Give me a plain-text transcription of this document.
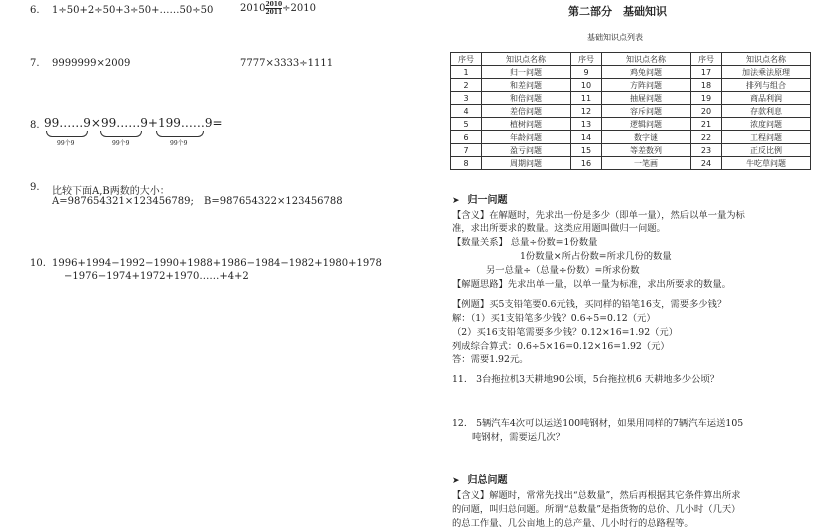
6. 1÷50+2÷50+3÷50+……50÷50	$2010 \frac{2010}{2011} \div 2010$
7. 9999999×2009	7777×3333÷1111
8. 99……9×99……9+199……9=
99个9	99个9	99个9
9. 比较下面A,B两数的大小：
A=987654321×123456789; B=987654322×123456788
10. 1996+1994−1992−1990+1988+1986−1984−1982+1980+1978
−1976−1974+1972+1970……+4+2
第二部分　基础知识
基础知识点列表
序号	知识点名称	序号	知识点名称	序号	知识点名称
1	归一问题	9	鸡兔问题	17	加法乘法原理
2	和差问题	10	方阵问题	18	排列与组合
3	和倍问题	11	抽屉问题	19	商品利润
4	差倍问题	12	容斥问题	20	存款利息
5	植树问题	13	逻辑问题	21	浓度问题
6	年龄问题	14	数字谜	22	工程问题
7	盈亏问题	15	等差数列	23	正反比例
8	周期问题	16	一笔画	24	牛吃草问题
➤ 归一问题
【含义】在解题时，先求出一份是多少（即单一量），然后以单一量为标
准，求出所要求的数量。这类应用题叫做归一问题。
【数量关系】 总量÷份数=1份数量
1份数量×所占份数=所求几份的数量
另一总量÷（总量÷份数）=所求份数
【解题思路】先求出单一量，以单一量为标准，求出所要求的数量。
【例题】买5支铅笔要0.6元钱，买同样的铅笔16支，需要多少钱？
解：（1）买1支铅笔多少钱？0.6÷5=0.12（元）
（2）买16支铅笔需要多少钱？0.12×16=1.92（元）
列成综合算式：0.6÷5×16=0.12×16=1.92（元）
答：需要1.92元。
11.　3台拖拉机3天耕地90公顷，5台拖拉机6 天耕地多少公顷？
12.　5辆汽车4次可以运送100吨钢材，如果用同样的7辆汽车运送105
吨钢材，需要运几次？
➤ 归总问题
【含义】解题时，常常先找出“总数量”，然后再根据其它条件算出所求
的问题，叫归总问题。所谓“总数量”是指货物的总价、几小时（几天）
的总工作量、几公亩地上的总产量、几小时行的总路程等。
